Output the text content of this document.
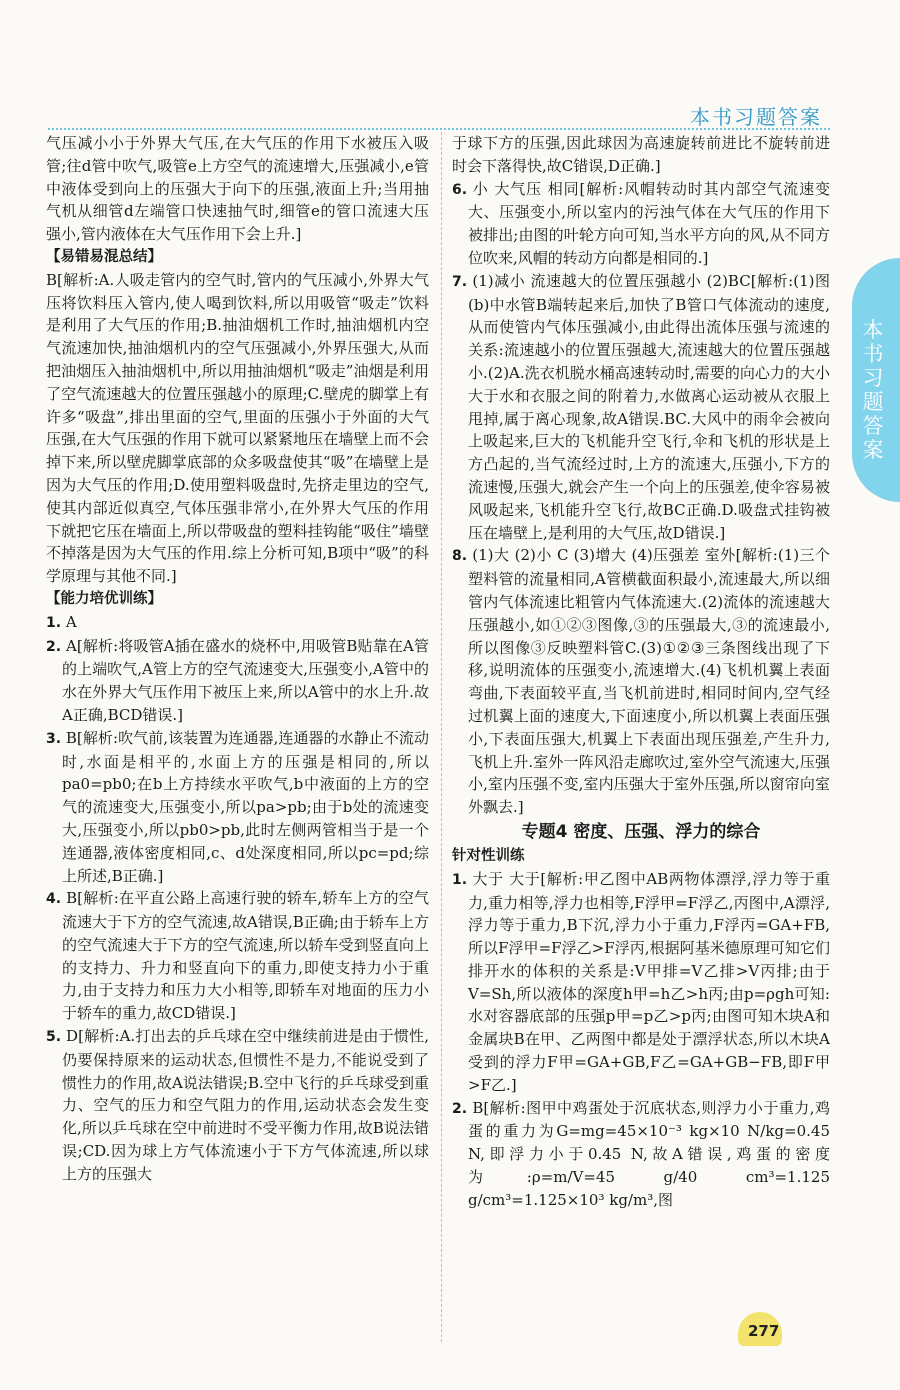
本书习题答案
本书习题答案

气压减小小于外界大气压,在大气压的作用下水被压入吸管;往d管中吹气,吸管e上方空气的流速增大,压强减小,e管中液体受到向上的压强大于向下的压强,液面上升;当用抽气机从细管d左端管口快速抽气时,细管e的管口流速大压强小,管内液体在大气压作用下会上升.]

【易错易混总结】

B[解析:A.人吸走管内的空气时,管内的气压减小,外界大气压将饮料压入管内,使人喝到饮料,所以用吸管“吸走”饮料是利用了大气压的作用;B.抽油烟机工作时,抽油烟机内空气流速加快,抽油烟机内的空气压强减小,外界压强大,从而把油烟压入抽油烟机中,所以用抽油烟机“吸走”油烟是利用了空气流速越大的位置压强越小的原理;C.壁虎的脚掌上有许多“吸盘”,排出里面的空气,里面的压强小于外面的大气压强,在大气压强的作用下就可以紧紧地压在墙壁上而不会掉下来,所以壁虎脚掌底部的众多吸盘使其“吸”在墙壁上是因为大气压的作用;D.使用塑料吸盘时,先挤走里边的空气,使其内部近似真空,气体压强非常小,在外界大气压的作用下就把它压在墙面上,所以带吸盘的塑料挂钩能“吸住”墙壁不掉落是因为大气压的作用.综上分析可知,B项中“吸”的科学原理与其他不同.]

【能力培优训练】

1. A

2. A[解析:将吸管A插在盛水的烧杯中,用吸管B贴靠在A管的上端吹气,A管上方的空气流速变大,压强变小,A管中的水在外界大气压作用下被压上来,所以A管中的水上升.故A正确,BCD错误.]

3. B[解析:吹气前,该装置为连通器,连通器的水静止不流动时,水面是相平的,水面上方的压强是相同的,所以pa0=pb0;在b上方持续水平吹气,b中液面的上方的空气的流速变大,压强变小,所以pa>pb;由于b处的流速变大,压强变小,所以pb0>pb,此时左侧两管相当于是一个连通器,液体密度相同,c、d处深度相同,所以pc=pd;综上所述,B正确.]

4. B[解析:在平直公路上高速行驶的轿车,轿车上方的空气流速大于下方的空气流速,故A错误,B正确;由于轿车上方的空气流速大于下方的空气流速,所以轿车受到竖直向上的支持力、升力和竖直向下的重力,即使支持力小于重力,由于支持力和压力大小相等,即轿车对地面的压力小于轿车的重力,故CD错误.]

5. D[解析:A.打出去的乒乓球在空中继续前进是由于惯性,仍要保持原来的运动状态,但惯性不是力,不能说受到了惯性力的作用,故A说法错误;B.空中飞行的乒乓球受到重力、空气的压力和空气阻力的作用,运动状态会发生变化,所以乒乓球在空中前进时不受平衡力作用,故B说法错误;CD.因为球上方气体流速小于下方气体流速,所以球上方的压强大

于球下方的压强,因此球因为高速旋转前进比不旋转前进时会下落得快,故C错误,D正确.]

6. 小 大气压 相同[解析:风帽转动时其内部空气流速变大、压强变小,所以室内的污浊气体在大气压的作用下被排出;由图的叶轮方向可知,当水平方向的风,从不同方位吹来,风帽的转动方向都是相同的.]

7. (1)减小 流速越大的位置压强越小 (2)BC[解析:(1)图(b)中水管B端转起来后,加快了B管口气体流动的速度,从而使管内气体压强减小,由此得出流体压强与流速的关系:流速越小的位置压强越大,流速越大的位置压强越小.(2)A.洗衣机脱水桶高速转动时,需要的向心力的大小大于水和衣服之间的附着力,水做离心运动被从衣服上甩掉,属于离心现象,故A错误.BC.大风中的雨伞会被向上吸起来,巨大的飞机能升空飞行,伞和飞机的形状是上方凸起的,当气流经过时,上方的流速大,压强小,下方的流速慢,压强大,就会产生一个向上的压强差,使伞容易被风吸起来,飞机能升空飞行,故BC正确.D.吸盘式挂钩被压在墙壁上,是利用的大气压,故D错误.]

8. (1)大 (2)小 C (3)增大 (4)压强差 室外[解析:(1)三个塑料管的流量相同,A管横截面积最小,流速最大,所以细管内气体流速比粗管内气体流速大.(2)流体的流速越大压强越小,如①②③图像,③的压强最大,③的流速最小,所以图像③反映塑料管C.(3)①②③三条图线出现了下移,说明流体的压强变小,流速增大.(4)飞机机翼上表面弯曲,下表面较平直,当飞机前进时,相同时间内,空气经过机翼上面的速度大,下面速度小,所以机翼上表面压强小,下表面压强大,机翼上下表面出现压强差,产生升力,飞机上升.室外一阵风沿走廊吹过,室外空气流速大,压强小,室内压强不变,室内压强大于室外压强,所以窗帘向室外飘去.]

专题4 密度、压强、浮力的综合

针对性训练

1. 大于 大于[解析:甲乙图中AB两物体漂浮,浮力等于重力,重力相等,浮力也相等,F浮甲=F浮乙,丙图中,A漂浮,浮力等于重力,B下沉,浮力小于重力,F浮丙=GA+FB,所以F浮甲=F浮乙>F浮丙,根据阿基米德原理可知它们排开水的体积的关系是:V甲排=V乙排>V丙排;由于V=Sh,所以液体的深度h甲=h乙>h丙;由p=ρgh可知:水对容器底部的压强p甲=p乙>p丙;由图可知木块A和金属块B在甲、乙两图中都是处于漂浮状态,所以木块A受到的浮力F甲=GA+GB,F乙=GA+GB−FB,即F甲>F乙.]

2. B[解析:图甲中鸡蛋处于沉底状态,则浮力小于重力,鸡蛋的重力为G=mg=45×10⁻³ kg×10 N/kg=0.45 N,即浮力小于0.45 N,故A错误,鸡蛋的密度为:ρ=m/V=45 g/40 cm³=1.125 g/cm³=1.125×10³ kg/m³,图

277
